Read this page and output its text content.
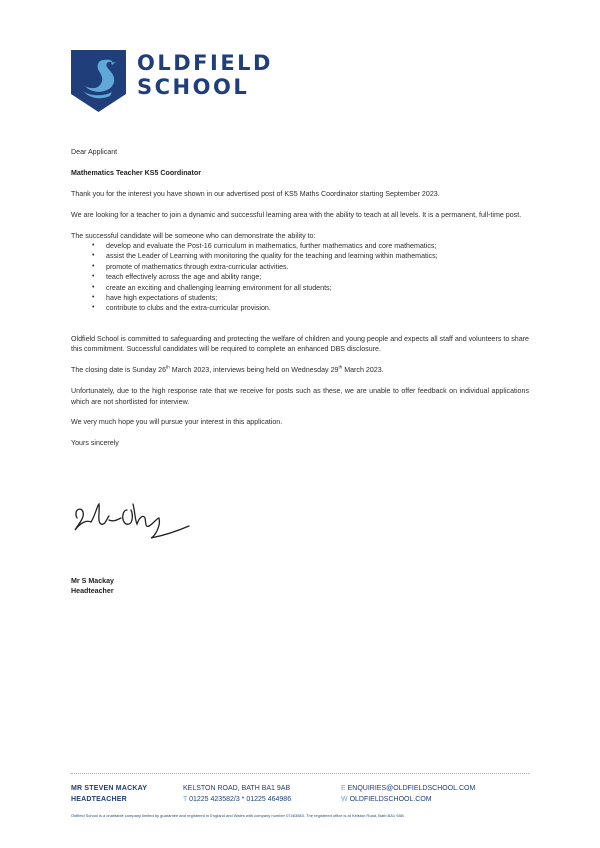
OLDFIELD
SCHOOL

Dear Applicant

Mathematics Teacher KS5 Coordinator

Thank you for the interest you have shown in our advertised post of KS5 Maths Coordinator starting September 2023.

We are looking for a teacher to join a dynamic and successful learning area with the ability to teach at all levels. It is a permanent, full-time post.

The successful candidate will be someone who can demonstrate the ability to:

• develop and evaluate the Post-16 curriculum in mathematics, further mathematics and core mathematics;
• assist the Leader of Learning with monitoring the quality for the teaching and learning within mathematics;
• promote of mathematics through extra-curricular activities.
• teach effectively across the age and ability range;
• create an exciting and challenging learning environment for all students;
• have high expectations of students;
• contribute to clubs and the extra-curricular provision.

Oldfield School is committed to safeguarding and protecting the welfare of children and young people and expects all staff and volunteers to share this commitment. Successful candidates will be required to complete an enhanced DBS disclosure.

The closing date is Sunday 26th March 2023, interviews being held on Wednesday 29th March 2023.

Unfortunately, due to the high response rate that we receive for posts such as these, we are unable to offer feedback on individual applications which are not shortlisted for interview.

We very much hope you will pursue your interest in this application.

Yours sincerely

Mr S Mackay
Headteacher
MR STEVEN MACKAY
HEADTEACHER
KELSTON ROAD, BATH BA1 9AB
T 01225 423582/3 * 01225 464986
E ENQUIRIES@OLDFIELDSCHOOL.COM
W OLDFIELDSCHOOL.COM
Oldfield School is a charitable company limited by guarantee and registered in England and Wales with company number 07463583. The registered office is at Kelston Road, Bath BA1 9AB
